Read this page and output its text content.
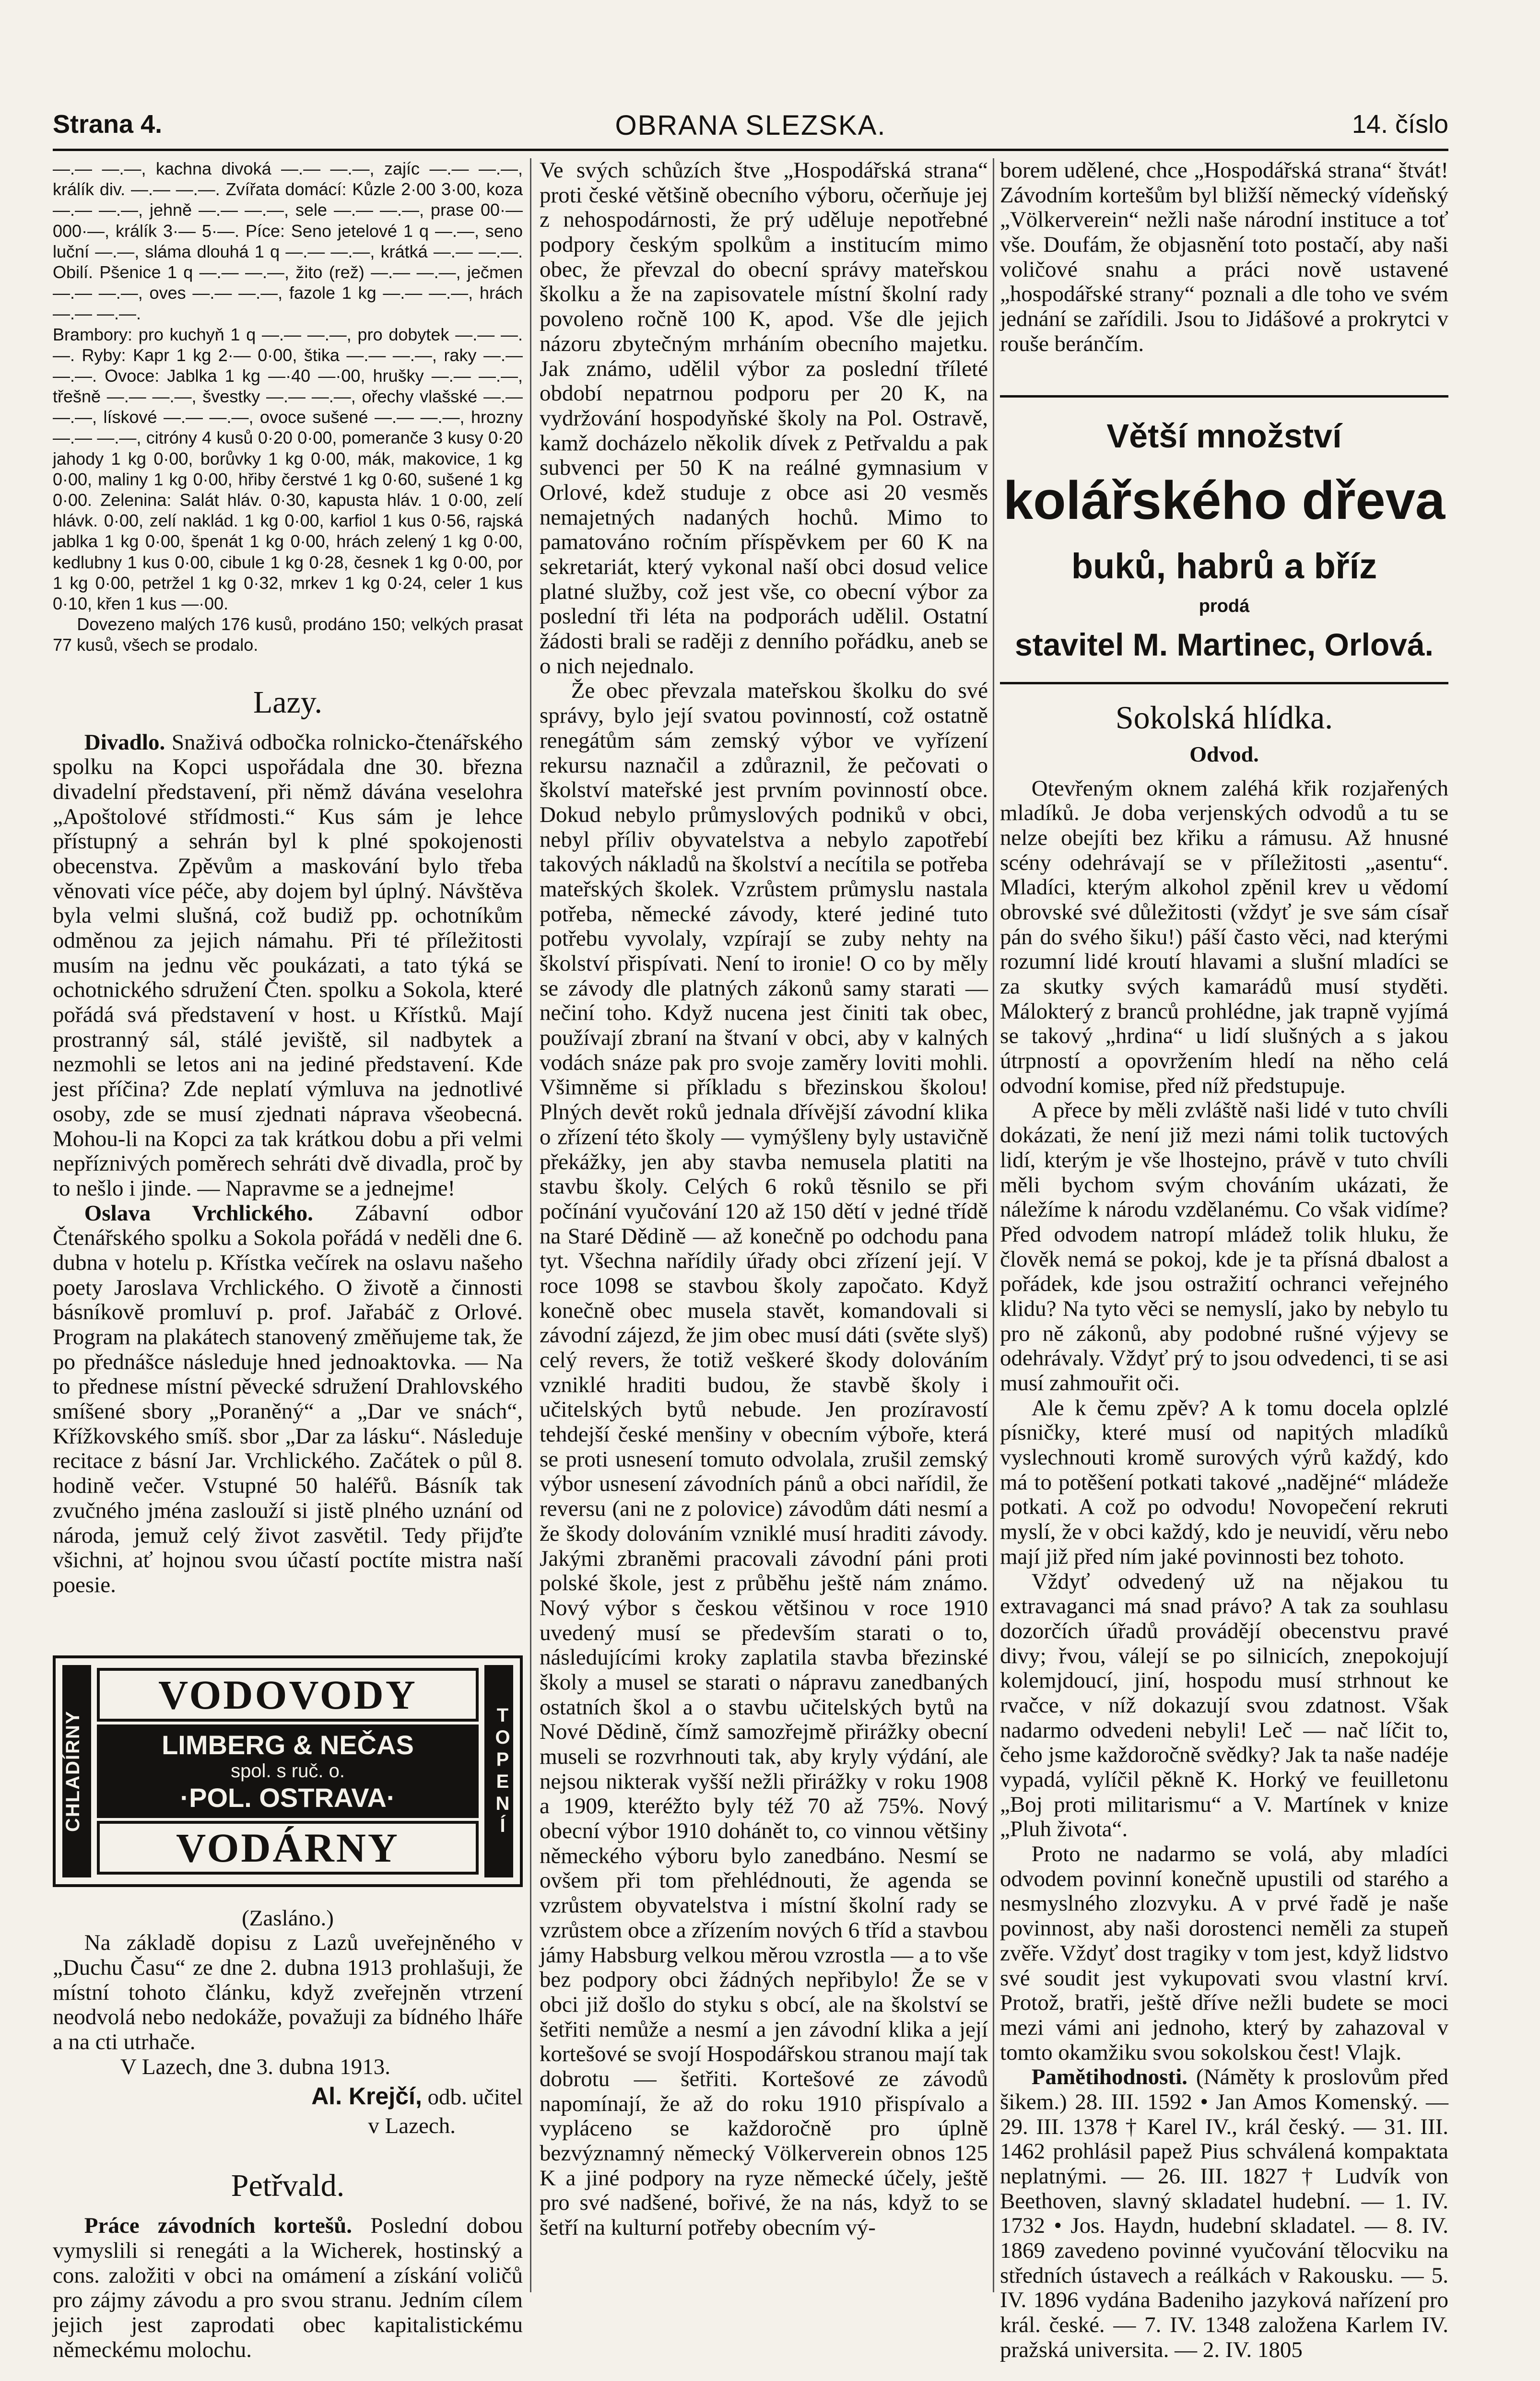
Strana 4.	OBRANA SLEZSKA.	14. číslo

—.— —.—, kachna divoká —.— —.—, zajíc —.— —.—, králík div. —.— —.—. Zvířata domácí: Kůzle 2·00 3·00, koza —.— —.—, jehně —.— —.—, sele —.— —.—, prase 00·— 000·—, králík 3·— 5·—. Píce: Seno jetelové 1 q —.—, seno luční —.—, sláma dlouhá 1 q —.— —.—, krátká —.— —.—. Obilí. Pšenice 1 q —.— —.—, žito (rež) —.— —.—, ječmen —.— —.—, oves —.— —.—, fazole 1 kg —.— —.—, hrách —.— —.—.

Brambory: pro kuchyň 1 q —.— —.—, pro dobytek —.— —.—. Ryby: Kapr 1 kg 2·— 0·00, štika —.— —.—, raky —.— —.—. Ovoce: Jablka 1 kg —·40 —·00, hrušky —.— —.—, třešně —.— —.—, švestky —.— —.—, ořechy vlašské —.— —.—, lískové —.— —.—, ovoce sušené —.— —.—, hrozny —.— —.—, citróny 4 kusů 0·20 0·00, pomeranče 3 kusy 0·20 jahody 1 kg 0·00, borůvky 1 kg 0·00, mák, makovice, 1 kg 0·00, maliny 1 kg 0·00, hřiby čerstvé 1 kg 0·60, sušené 1 kg 0·00. Zelenina: Salát hláv. 0·30, kapusta hláv. 1 0·00, zelí hlávk. 0·00, zelí naklád. 1 kg 0·00, karfiol 1 kus 0·56, rajská jablka 1 kg 0·00, špenát 1 kg 0·00, hrách zelený 1 kg 0·00, kedlubny 1 kus 0·00, cibule 1 kg 0·28, česnek 1 kg 0·00, por 1 kg 0·00, petržel 1 kg 0·32, mrkev 1 kg 0·24, celer 1 kus 0·10, křen 1 kus —·00.

Dovezeno malých 176 kusů, prodáno 150; velkých prasat 77 kusů, všech se prodalo.

Lazy.

Divadlo. Snaživá odbočka rolnicko-čtenářského spolku na Kopci uspořádala dne 30. března divadelní představení, při němž dávána veselohra „Apoštolové střídmosti.“ Kus sám je lehce přístupný a sehrán byl k plné spokojenosti obecenstva. Zpěvům a maskování bylo třeba věnovati více péče, aby dojem byl úplný. Návštěva byla velmi slušná, což budiž pp. ochotníkům odměnou za jejich námahu. Při té příležitosti musím na jednu věc poukázati, a tato týká se ochotnického sdružení Čten. spolku a Sokola, které pořádá svá představení v host. u Křístků. Mají prostranný sál, stálé jeviště, sil nadbytek a nezmohli se letos ani na jediné představení. Kde jest příčina? Zde neplatí výmluva na jednotlivé osoby, zde se musí zjednati náprava všeobecná. Mohou-li na Kopci za tak krátkou dobu a při velmi nepříznivých poměrech sehráti dvě divadla, proč by to nešlo i jinde. — Napravme se a jednejme!

Oslava Vrchlického. Zábavní odbor Čtenářského spolku a Sokola pořádá v neděli dne 6. dubna v hotelu p. Křístka večírek na oslavu našeho poety Jaroslava Vrchlického. O životě a činnosti básníkově promluví p. prof. Jařabáč z Orlové. Program na plakátech stanovený změňujeme tak, že po přednášce následuje hned jednoaktovka. — Na to přednese místní pěvecké sdružení Drahlovského smíšené sbory „Poraněný“ a „Dar ve snách“, Křížkovského smíš. sbor „Dar za lásku“. Následuje recitace z básní Jar. Vrchlického. Začátek o půl 8. hodině večer. Vstupné 50 haléřů. Básník tak zvučného jména zaslouží si jistě plného uznání od národa, jemuž celý život zasvětil. Tedy přijďte všichni, ať hojnou svou účastí poctíte mistra naší poesie.

CHLADÍRNY
VODOVODY
LIMBERG & NEČAS
spol. s ruč. o.
·POL. OSTRAVA·
VODÁRNY
TOPENÍ

(Zasláno.)

Na základě dopisu z Lazů uveřejněného v „Duchu Času“ ze dne 2. dubna 1913 prohlašuji, že místní tohoto článku, když zveřejněn vtrzení neodvolá nebo nedokáže, považuji za bídného lháře a na cti utrhače.

V Lazech, dne 3. dubna 1913.

Al. Krejčí, odb. učitel
v Lazech.
Petřvald.

Práce závodních kortešů. Poslední dobou vymyslili si renegáti a la Wicherek, hostinský a cons. založiti v obci na omámení a získání voličů pro zájmy závodu a pro svou stranu. Jedním cílem jejich jest zaprodati obec kapitalistickému německému molochu.

Ve svých schůzích štve „Hospodářská strana“ proti české většině obecního výboru, očerňuje jej z nehospodárnosti, že prý uděluje nepotřebné podpory českým spolkům a institucím mimo obec, že převzal do obecní správy mateřskou školku a že na zapisovatele místní školní rady povoleno ročně 100 K, apod. Vše dle jejich názoru zbytečným mrháním obecního majetku. Jak známo, udělil výbor za poslední tříleté období nepatrnou podporu per 20 K, na vydržování hospodyňské školy na Pol. Ostravě, kamž docházelo několik dívek z Petřvaldu a pak subvenci per 50 K na reálné gymnasium v Orlové, kdež studuje z obce asi 20 vesměs nemajetných nadaných hochů. Mimo to pamatováno ročním příspěvkem per 60 K na sekretariát, který vykonal naší obci dosud velice platné služby, což jest vše, co obecní výbor za poslední tři léta na podporách udělil. Ostatní žádosti brali se raději z denního pořádku, aneb se o nich nejednalo.

Že obec převzala mateřskou školku do své správy, bylo její svatou povinností, což ostatně renegátům sám zemský výbor ve vyřízení rekursu naznačil a zdůraznil, že pečovati o školství mateřské jest prvním povinností obce. Dokud nebylo průmyslových podniků v obci, nebyl příliv obyvatelstva a nebylo zapotřebí takových nákladů na školství a necítila se potřeba mateřských školek. Vzrůstem průmyslu nastala potřeba, německé závody, které jediné tuto potřebu vyvolaly, vzpírají se zuby nehty na školství přispívati. Není to ironie! O co by měly se závody dle platných zákonů samy starati — nečiní toho. Když nucena jest činiti tak obec, používají zbraní na štvaní v obci, aby v kalných vodách snáze pak pro svoje zaměry loviti mohli. Všimněme si příkladu s březinskou školou! Plných devět roků jednala dřívější závodní klika o zřízení této školy — vymýšleny byly ustavičně překážky, jen aby stavba nemusela platiti na stavbu školy. Celých 6 roků těsnilo se při počínání vyučování 120 až 150 dětí v jedné třídě na Staré Dědině — až konečně po odchodu pana tyt. Všechna nařídily úřady obci zřízení její. V roce 1098 se stavbou školy započato. Když konečně obec musela stavět, komandovali si závodní zájezd, že jim obec musí dáti (světe slyš) celý revers, že totiž veškeré škody dolováním vzniklé hraditi budou, že stavbě školy i učitelských bytů nebude. Jen prozíravostí tehdejší české menšiny v obecním výboře, která se proti usnesení tomuto odvolala, zrušil zemský výbor usnesení závodních pánů a obci nařídil, že reversu (ani ne z polovice) závodům dáti nesmí a že škody dolováním vzniklé musí hraditi závody. Jakými zbraněmi pracovali závodní páni proti polské škole, jest z průběhu ještě nám známo. Nový výbor s českou většinou v roce 1910 uvedený musí se především starati o to, následujícími kroky zaplatila stavba březinské školy a musel se starati o nápravu zanedbaných ostatních škol a o stavbu učitelských bytů na Nové Dědině, čímž samozřejmě přirážky obecní museli se rozvrhnouti tak, aby kryly výdání, ale nejsou nikterak vyšší nežli přirážky v roku 1908 a 1909, kteréžto byly též 70 až 75%. Nový obecní výbor 1910 dohánět to, co vinnou většiny německého výboru bylo zanedbáno. Nesmí se ovšem při tom přehlédnouti, že agenda se vzrůstem obyvatelstva i místní školní rady se vzrůstem obce a zřízením nových 6 tříd a stavbou jámy Habsburg velkou měrou vzrostla — a to vše bez podpory obci žádných nepřibylo! Že se v obci již došlo do styku s obcí, ale na školství se šetřiti nemůže a nesmí a jen závodní klika a její kortešové se svojí Hospodářskou stranou mají tak dobrotu — šetřiti. Kortešové ze závodů napomínají, že až do roku 1910 přispívalo a vypláceno se každoročně pro úplně bezvýznamný německý Völkerverein obnos 125 K a jiné podpory na ryze německé účely, ještě pro své nadšené, bořivé, že na nás, když to se šetří na kulturní potřeby obecním vý-

borem udělené, chce „Hospodářská strana“ štvát! Závodním kortešům byl bližší německý vídeňský „Völkerverein“ nežli naše národní instituce a toť vše. Doufám, že objasnění toto postačí, aby naši voličové snahu a práci nově ustavené „hospodářské strany“ poznali a dle toho ve svém jednání se zařídili. Jsou to Jidášové a prokrytci v rouše beránčím.

Větší množství
kolářského dřeva
buků, habrů a bříz
prodá
stavitel M. Martinec, Orlová.
Sokolská hlídka.
Odvod.

Otevřeným oknem zaléhá křik rozjařených mladíků. Je doba verjenských odvodů a tu se nelze obejíti bez křiku a rámusu. Až hnusné scény odehrávají se v příležitosti „asentu“. Mladíci, kterým alkohol zpěnil krev u vědomí obrovské své důležitosti (vždyť je sve sám císař pán do svého šiku!) páší často věci, nad kterými rozumní lidé kroutí hlavami a slušní mladíci se za skutky svých kamarádů musí styděti. Málokterý z branců prohlédne, jak trapně vyjímá se takový „hrdina“ u lidí slušných a s jakou útrpností a opovržením hledí na něho celá odvodní komise, před níž předstupuje.

A přece by měli zvláště naši lidé v tuto chvíli dokázati, že není již mezi námi tolik tuctových lidí, kterým je vše lhostejno, právě v tuto chvíli měli bychom svým chováním ukázati, že náležíme k národu vzdělanému. Co však vidíme? Před odvodem natropí mládež tolik hluku, že člověk nemá se pokoj, kde je ta přísná dbalost a pořádek, kde jsou ostražití ochranci veřejného klidu? Na tyto věci se nemyslí, jako by nebylo tu pro ně zákonů, aby podobné rušné výjevy se odehrávaly. Vždyť prý to jsou odvedenci, ti se asi musí zahmouřit oči.

Ale k čemu zpěv? A k tomu docela oplzlé písničky, které musí od napitých mladíků vyslechnouti kromě surových výrů každý, kdo má to potěšení potkati takové „nadějné“ mládeže potkati. A což po odvodu! Novopečení rekruti myslí, že v obci každý, kdo je neuvidí, věru nebo mají již před ním jaké povinnosti bez tohoto.

Vždyť odvedený už na nějakou tu extravaganci má snad právo? A tak za souhlasu dozorčích úřadů provádějí obecenstvu pravé divy; řvou, válejí se po silnicích, znepokojují kolemjdoucí, jiní, hospodu musí strhnout ke rvačce, v níž dokazují svou zdatnost. Však nadarmo odvedeni nebyli! Leč — nač líčit to, čeho jsme každoročně svědky? Jak ta naše nadéje vypadá, vylíčil pěkně K. Horký ve feuilletonu „Boj proti militarismu“ a V. Martínek v knize „Pluh života“.

Proto ne nadarmo se volá, aby mladíci odvodem povinní konečně upustili od starého a nesmyslného zlozvyku. A v prvé řadě je naše povinnost, aby naši dorostenci neměli za stupeň zvěře. Vždyť dost tragiky v tom jest, když lidstvo své soudit jest vykupovati svou vlastní krví. Protož, bratři, ještě dříve nežli budete se moci mezi vámi ani jednoho, který by zahazoval v tomto okamžiku svou sokolskou čest! Vlajk.

Pamětihodnosti. (Náměty k proslovům před šikem.) 28. III. 1592 • Jan Amos Komenský. — 29. III. 1378 † Karel IV., král český. — 31. III. 1462 prohlásil papež Pius schválená kompaktata neplatnými. — 26. III. 1827 † Ludvík von Beethoven, slavný skladatel hudební. — 1. IV. 1732 • Jos. Haydn, hudební skladatel. — 8. IV. 1869 zavedeno povinné vyučování tělocviku na středních ústavech a reálkách v Rakousku. — 5. IV. 1896 vydána Badeniho jazyková nařízení pro král. české. — 7. IV. 1348 založena Karlem IV. pražská universita. — 2. IV. 1805
